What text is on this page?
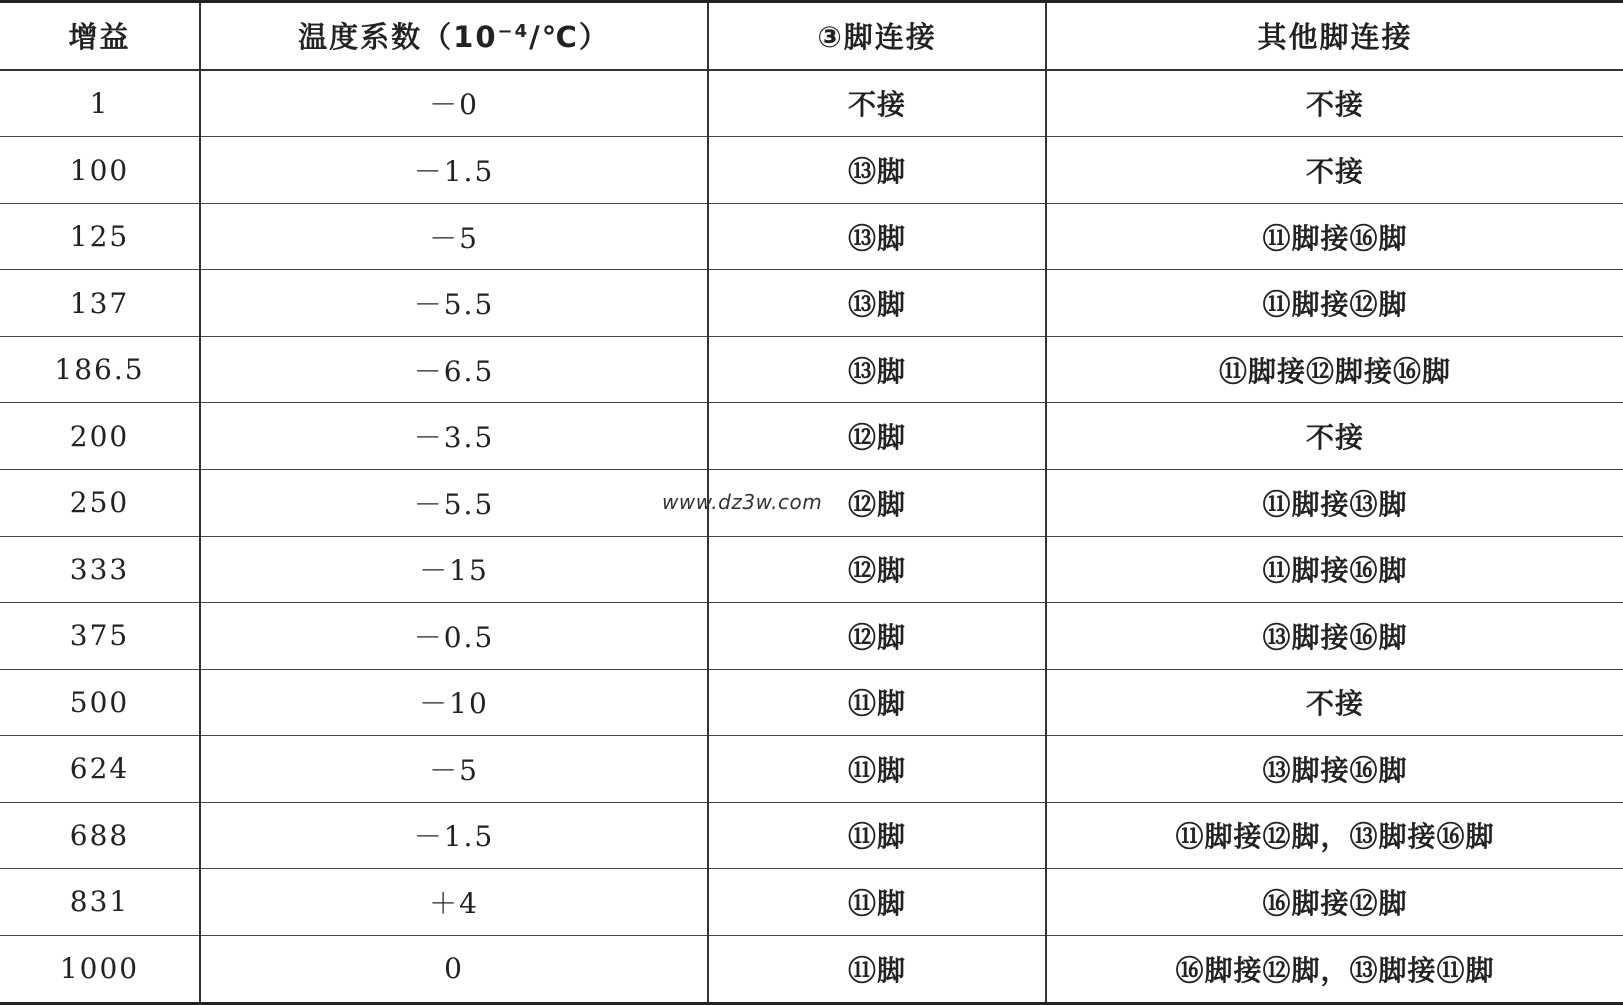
增益	温度系数$(10^{-4}/℃)$	③脚连接	其他脚连接
1	－0	不接	不接
100	－1.5	⑬脚	不接
125	－5	⑬脚	⑪脚接⑯脚
137	－5.5	⑬脚	⑪脚接⑫脚
186.5	－6.5	⑬脚	⑪脚接⑫脚接⑯脚
200	－3.5	⑫脚	不接
250	－5.5	⑫脚	⑪脚接⑬脚
333	－15	⑫脚	⑪脚接⑯脚
375	－0.5	⑫脚	⑬脚接⑯脚
500	－10	⑪脚	不接
624	－5	⑪脚	⑬脚接⑯脚
688	－1.5	⑪脚	⑪脚接⑫脚，⑬脚接⑯脚
831	＋4	⑪脚	⑯脚接⑫脚
1000	0	⑪脚	⑯脚接⑫脚，⑬脚接⑪脚
www.dz3w.com
